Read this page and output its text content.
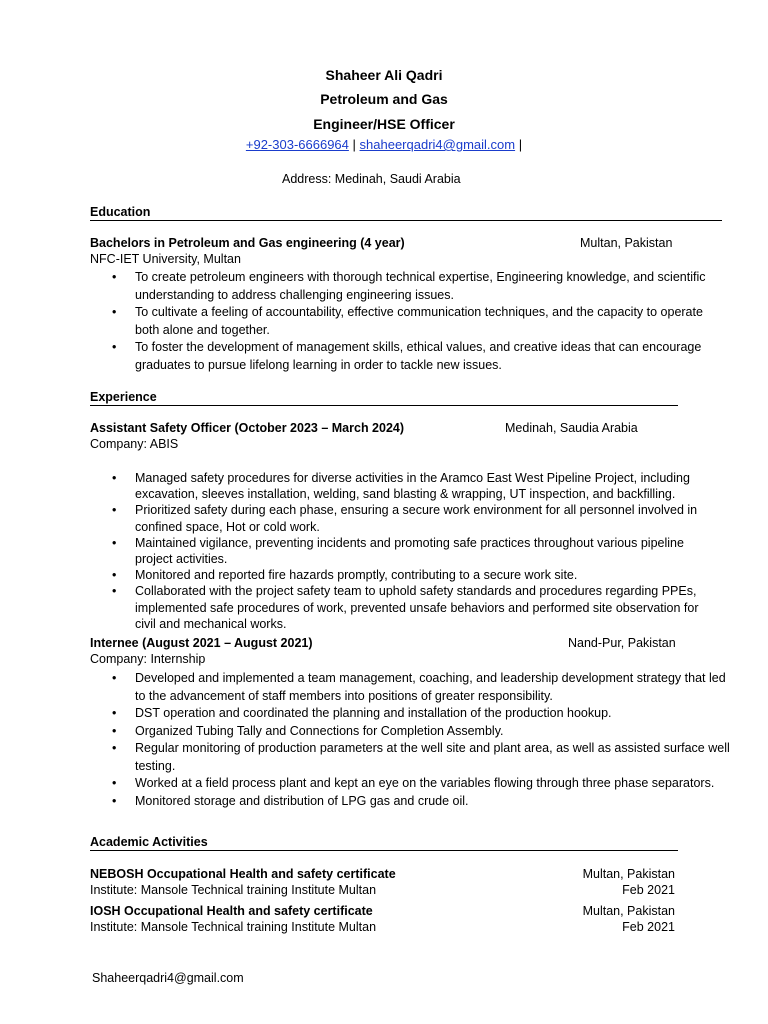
Shaheer Ali Qadri
Petroleum and Gas
Engineer/HSE Officer
+92-303-6666964 | shaheerqadri4@gmail.com |
Address: Medinah, Saudi Arabia
Education
Bachelors in Petroleum and Gas engineering (4 year)	Multan, Pakistan
NFC-IET University, Multan
• To create petroleum engineers with thorough technical expertise, Engineering knowledge, and scientific understanding to address challenging engineering issues.
• To cultivate a feeling of accountability, effective communication techniques, and the capacity to operate both alone and together.
• To foster the development of management skills, ethical values, and creative ideas that can encourage graduates to pursue lifelong learning in order to tackle new issues.
Experience
Assistant Safety Officer (October 2023 – March 2024)	Medinah, Saudia Arabia
Company: ABIS
• Managed safety procedures for diverse activities in the Aramco East West Pipeline Project, including excavation, sleeves installation, welding, sand blasting & wrapping, UT inspection, and backfilling.
• Prioritized safety during each phase, ensuring a secure work environment for all personnel involved in confined space, Hot or cold work.
• Maintained vigilance, preventing incidents and promoting safe practices throughout various pipeline project activities.
• Monitored and reported fire hazards promptly, contributing to a secure work site.
• Collaborated with the project safety team to uphold safety standards and procedures regarding PPEs, implemented safe procedures of work, prevented unsafe behaviors and performed site observation for civil and mechanical works.
Internee (August 2021 – August 2021)	Nand-Pur, Pakistan
Company: Internship
• Developed and implemented a team management, coaching, and leadership development strategy that led to the advancement of staff members into positions of greater responsibility.
• DST operation and coordinated the planning and installation of the production hookup.
• Organized Tubing Tally and Connections for Completion Assembly.
• Regular monitoring of production parameters at the well site and plant area, as well as assisted surface well testing.
• Worked at a field process plant and kept an eye on the variables flowing through three phase separators.
• Monitored storage and distribution of LPG gas and crude oil.
Academic Activities
NEBOSH Occupational Health and safety certificate	Multan, Pakistan
Institute: Mansole Technical training Institute Multan	Feb 2021
IOSH Occupational Health and safety certificate	Multan, Pakistan
Institute: Mansole Technical training Institute Multan	Feb 2021
Shaheerqadri4@gmail.com
